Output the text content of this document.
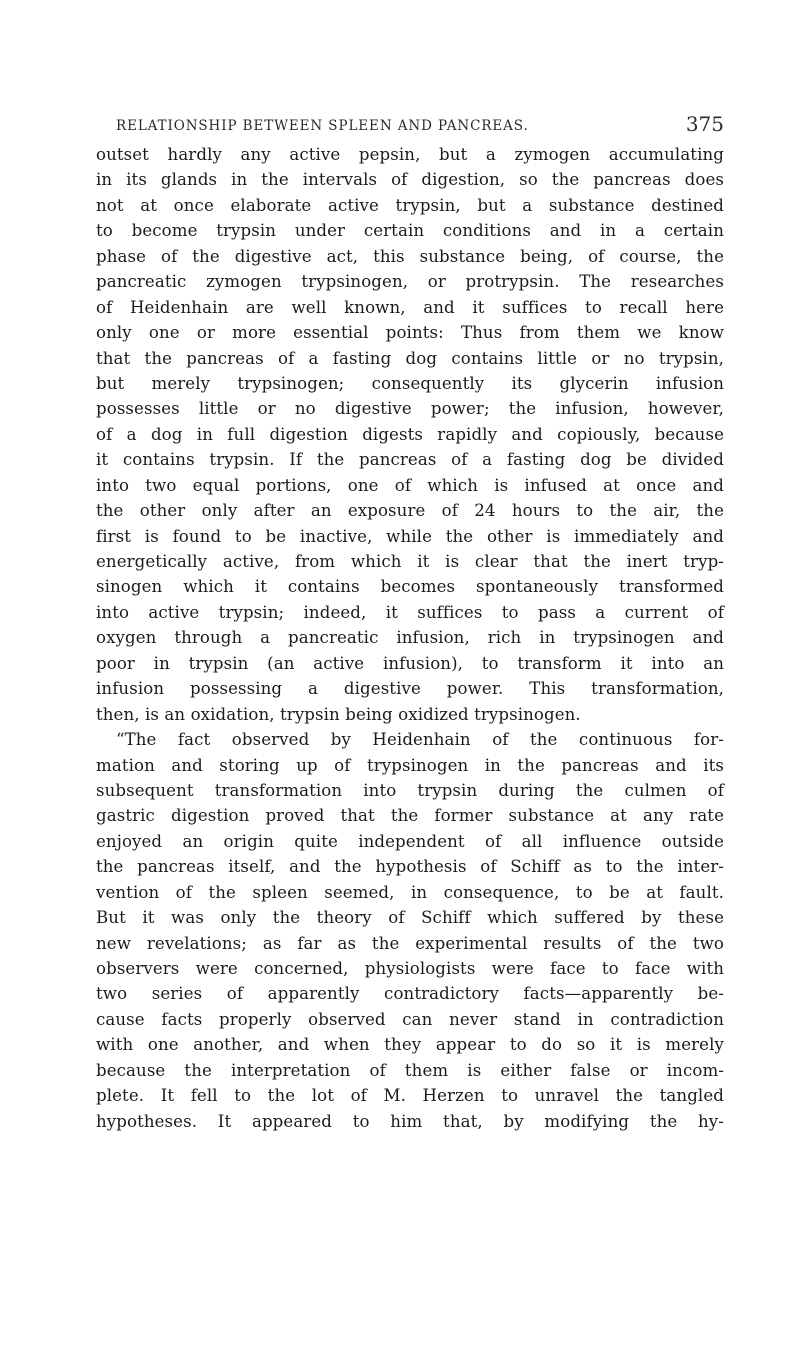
RELATIONSHIP BETWEEN SPLEEN AND PANCREAS.	375
outset hardly any active pepsin, but a zymogen accumulating
in its glands in the intervals of digestion, so the pancreas does
not at once elaborate active trypsin, but a substance destined
to become trypsin under certain conditions and in a certain
phase of the digestive act, this substance being, of course, the
pancreatic zymogen trypsinogen, or protrypsin. The researches
of Heidenhain are well known, and it suffices to recall here
only one or more essential points: Thus from them we know
that the pancreas of a fasting dog contains little or no trypsin,
but merely trypsinogen; consequently its glycerin infusion
possesses little or no digestive power; the infusion, however,
of a dog in full digestion digests rapidly and copiously, because
it contains trypsin. If the pancreas of a fasting dog be divided
into two equal portions, one of which is infused at once and
the other only after an exposure of 24 hours to the air, the
first is found to be inactive, while the other is immediately and
energetically active, from which it is clear that the inert tryp-
sinogen which it contains becomes spontaneously transformed
into active trypsin; indeed, it suffices to pass a current of
oxygen through a pancreatic infusion, rich in trypsinogen and
poor in trypsin (an active infusion), to transform it into an
infusion possessing a digestive power. This transformation,
then, is an oxidation, trypsin being oxidized trypsinogen.
“The fact observed by Heidenhain of the continuous for-
mation and storing up of trypsinogen in the pancreas and its
subsequent transformation into trypsin during the culmen of
gastric digestion proved that the former substance at any rate
enjoyed an origin quite independent of all influence outside
the pancreas itself, and the hypothesis of Schiff as to the inter-
vention of the spleen seemed, in consequence, to be at fault.
But it was only the theory of Schiff which suffered by these
new revelations; as far as the experimental results of the two
observers were concerned, physiologists were face to face with
two series of apparently contradictory facts—apparently be-
cause facts properly observed can never stand in contradiction
with one another, and when they appear to do so it is merely
because the interpretation of them is either false or incom-
plete. It fell to the lot of M. Herzen to unravel the tangled
hypotheses. It appeared to him that, by modifying the hy-
